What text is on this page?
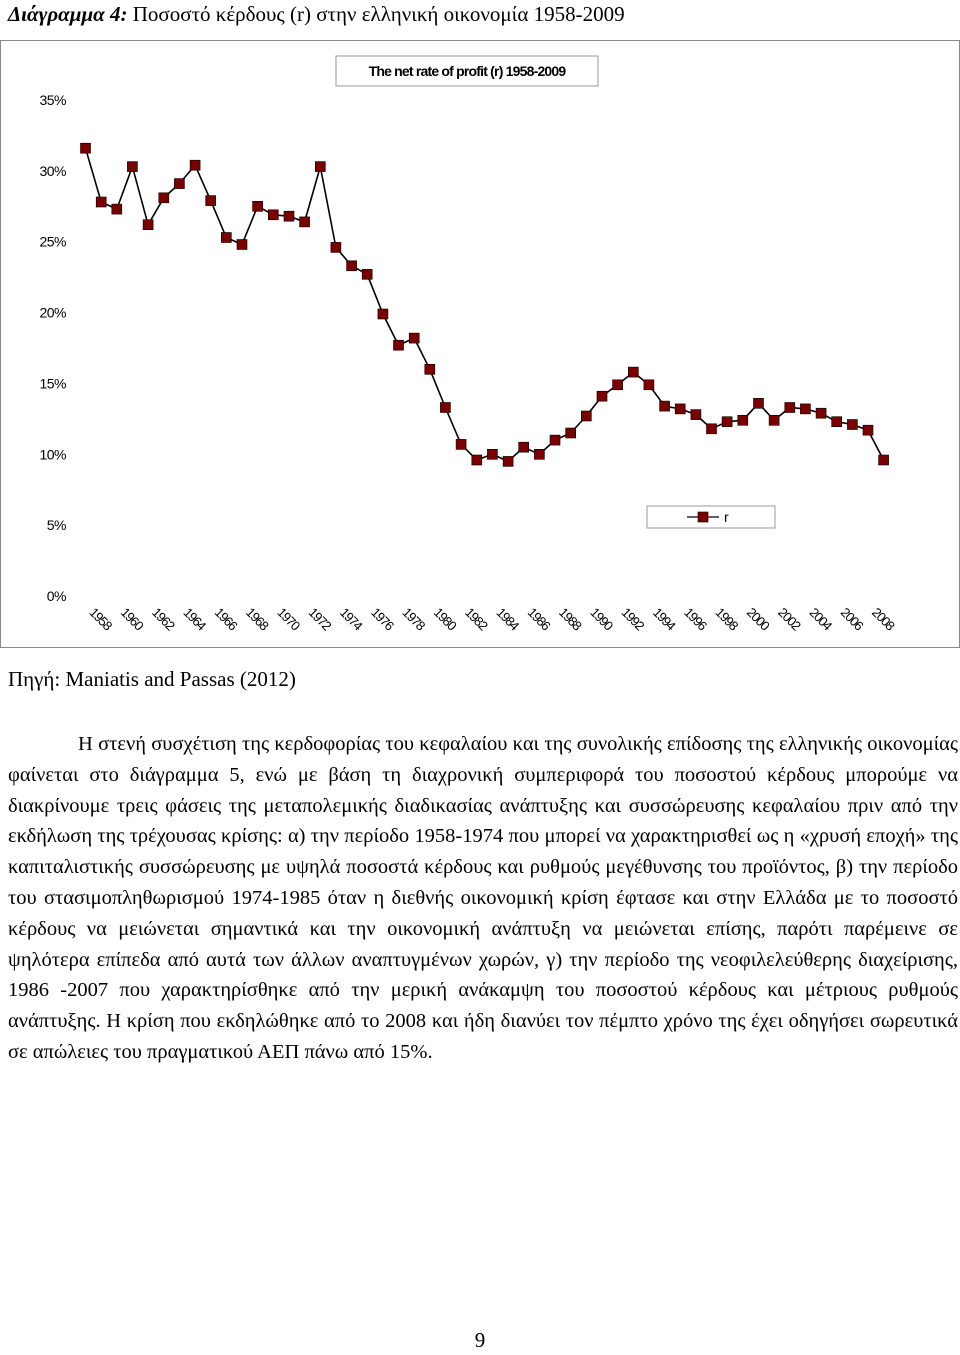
Διάγραμμα 4: Ποσοστό κέρδους (r) στην ελληνική οικονομία 1958-2009
The net rate of profit (r) 1958-2009
0%
5%
10%
15%
20%
25%
30%
35%
1958 1960 1962 1964 1966 1968 1970 1972 1974 1976 1978 1980 1982 1984 1986 1988 1990 1992 1994 1996 1998 2000 2002 2004 2006 2008
r
Πηγή: Maniatis and Passas (2012)

Η στενή συσχέτιση της κερδοφορίας του κεφαλαίου και της συνολικής επίδοσης της ελληνικής οικονομίας φαίνεται στο διάγραμμα 5, ενώ με βάση τη διαχρονική συμπεριφορά του ποσοστού κέρδους μπορούμε να διακρίνουμε τρεις φάσεις της μεταπολεμικής διαδικασίας ανάπτυξης και συσσώρευσης κεφαλαίου πριν από την εκδήλωση της τρέχουσας κρίσης: α) την περίοδο 1958-1974 που μπορεί να χαρακτηρισθεί ως η «χρυσή εποχή» της καπιταλιστικής συσσώρευσης με υψηλά ποσοστά κέρδους και ρυθμούς μεγέθυνσης του προϊόντος, β) την περίοδο του στασιμοπληθωρισμού 1974-1985 όταν η διεθνής οικονομική κρίση έφτασε και στην Ελλάδα με το ποσοστό κέρδους να μειώνεται σημαντικά και την οικονομική ανάπτυξη να μειώνεται επίσης, παρότι παρέμεινε σε ψηλότερα επίπεδα από αυτά των άλλων αναπτυγμένων χωρών, γ) την περίοδο της νεοφιλελεύθερης διαχείρισης, 1986 -2007 που χαρακτηρίσθηκε από την μερική ανάκαμψη του ποσοστού κέρδους και μέτριους ρυθμούς ανάπτυξης. Η κρίση που εκδηλώθηκε από το 2008 και ήδη διανύει τον πέμπτο χρόνο της έχει οδηγήσει σωρευτικά σε απώλειες του πραγματικού ΑΕΠ πάνω από 15%.

9
